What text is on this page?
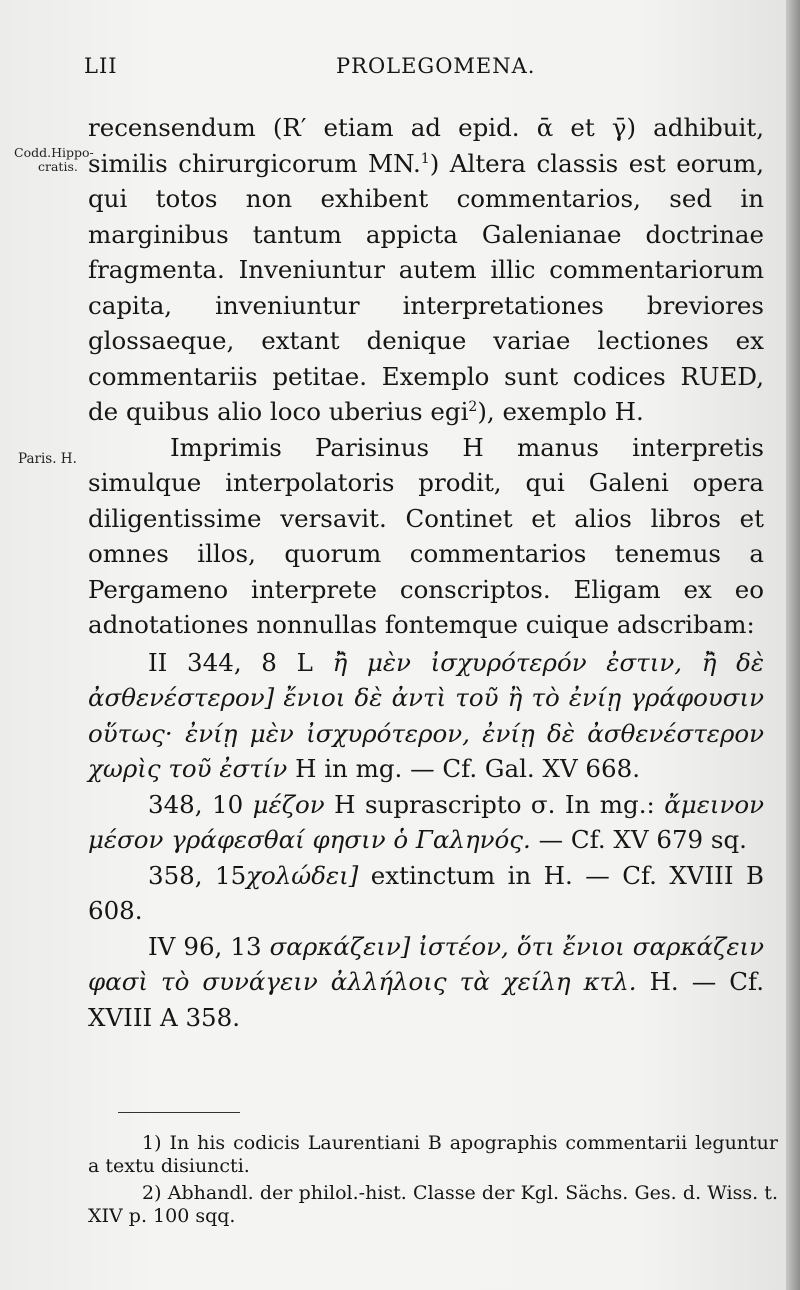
LII	PROLEGOMENA.
Codd.Hippo-
cratis.
Paris. H.

recensendum (R′ etiam ad epid. ᾱ et γ̄) adhibuit, similis chirurgicorum MN.$^1$) Altera classis est eorum, qui totos non exhibent commentarios, sed in marginibus tantum appicta Galenianae doctrinae fragmenta. Inveniuntur autem illic commentariorum capita, inveniuntur interpretationes breviores glossaeque, extant denique variae lectiones ex commentariis petitae. Exemplo sunt codices RUED, de quibus alio loco uberius egi$^2$), exemplo H.

Imprimis Parisinus H manus interpretis simulque interpolatoris prodit, qui Galeni opera diligentissime versavit. Continet et alios libros et omnes illos, quorum commentarios tenemus a Pergameno interprete conscriptos. Eligam ex eo adnotationes nonnullas fontemque cuique adscribam:

II 344, 8 L ἢ̄ μὲν ἰσχυρότερόν ἐστιν, ἢ̄ δὲ ἀσθενέστερον] ἔνιοι δὲ ἀντὶ τοῦ ἢ τὸ ἐνίῃ γράφουσιν οὕτως· ἐνίῃ μὲν ἰσχυρότερον, ἐνίῃ δὲ ἀσθενέστερον χωρὶς τοῦ ἐστίν H in mg. — Cf. Gal. XV 668.

348, 10 μέζον H suprascripto σ. In mg.: ἄμεινον μέσον γράφεσθαί φησιν ὁ Γαληνός. — Cf. XV 679 sq.

358, 15χολώδει] extinctum in H. — Cf. XVIII B 608.

IV 96, 13 σαρκάζειν] ἰστέον, ὅτι ἔνιοι σαρκάζειν φασὶ τὸ συνάγειν ἀλλήλοις τὰ χείλη κτλ. H. — Cf. XVIII A 358.

1) In his codicis Laurentiani B apographis commentarii leguntur a textu disiuncti.

2) Abhandl. der philol.-hist. Classe der Kgl. Sächs. Ges. d. Wiss. t. XIV p. 100 sqq.
